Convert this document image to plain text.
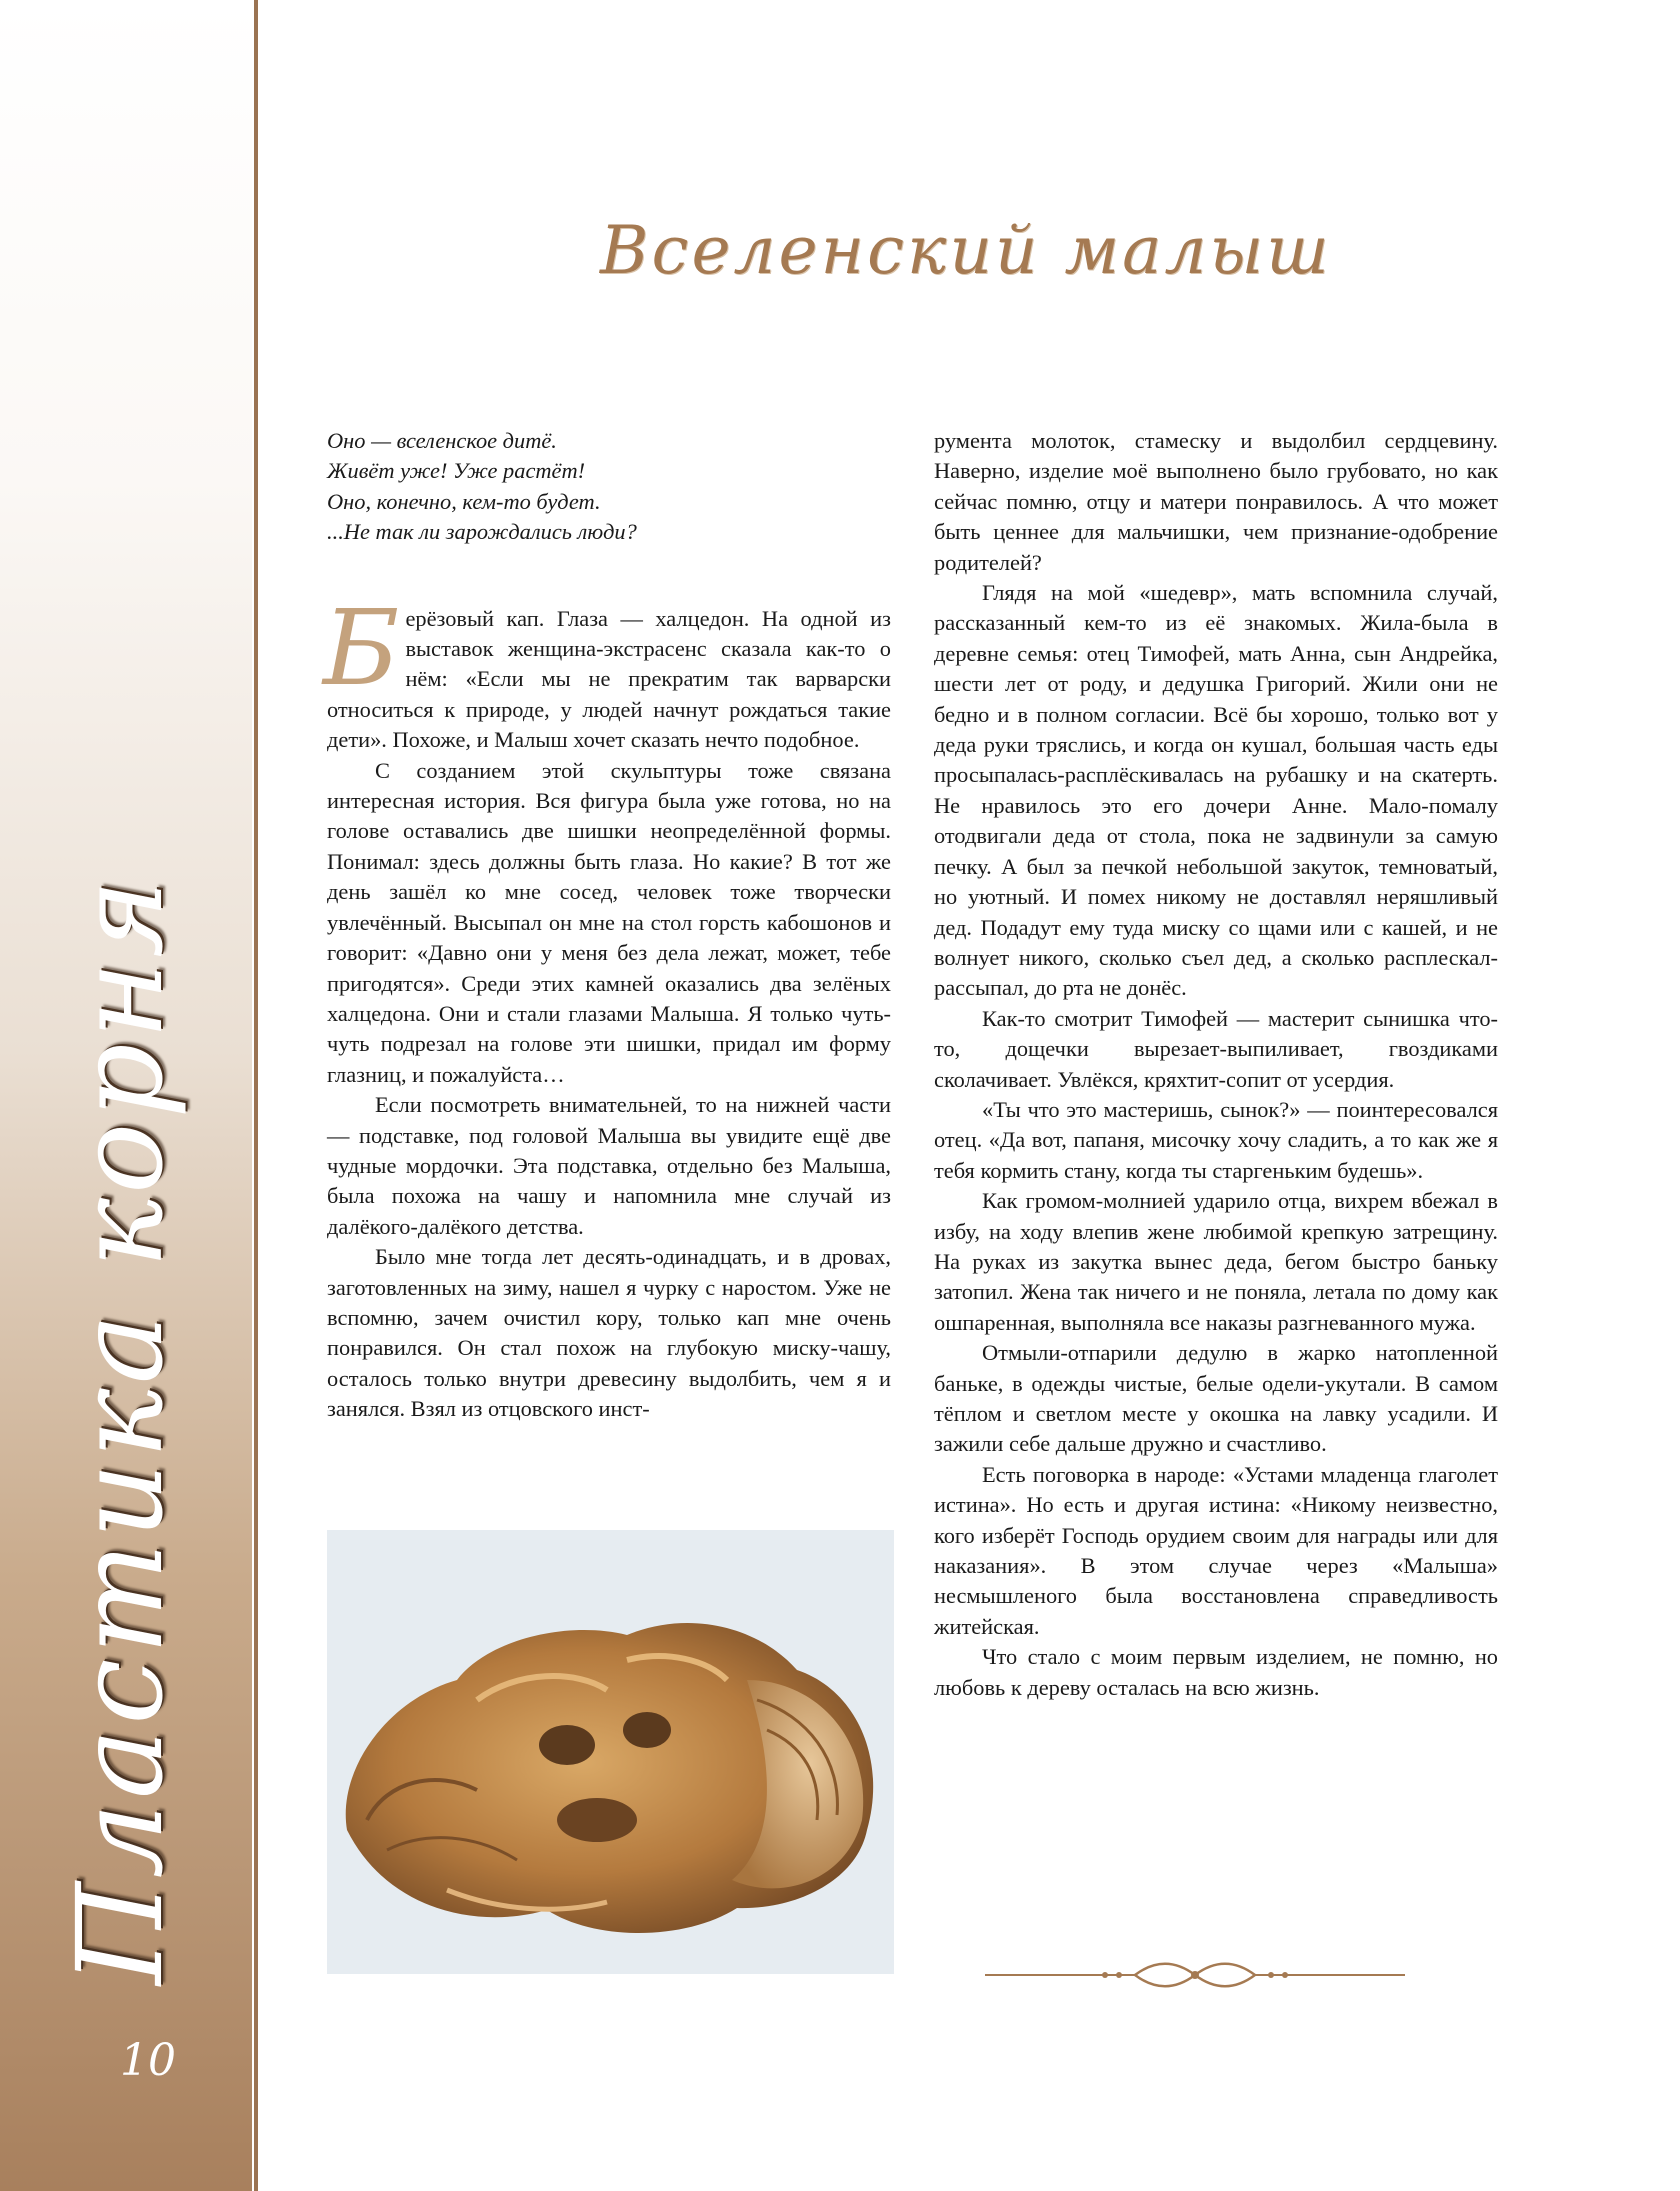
Пластика корня
10
Вселенский малыш
Оно — вселенское дитё.
Живёт уже! Уже растёт!
Оно, конечно, кем-то будет.
...Не так ли зарождались люди?

Берёзовый кап. Глаза — халцедон. На одной из выставок женщина-экстрасенс сказала как-то о нём: «Если мы не прекратим так варварски относиться к природе, у людей начнут рождаться такие дети». Похоже, и Малыш хочет сказать нечто подобное.

С созданием этой скульптуры тоже связана интересная история. Вся фигура была уже готова, но на голове оставались две шишки неопределённой формы. Понимал: здесь должны быть глаза. Но какие? В тот же день зашёл ко мне сосед, человек тоже творчески увлечённый. Высыпал он мне на стол горсть кабошонов и говорит: «Давно они у меня без дела лежат, может, тебе пригодятся». Среди этих камней оказались два зелёных халцедона. Они и стали глазами Малыша. Я только чуть-чуть подрезал на голове эти шишки, придал им форму глазниц, и пожалуйста…

Если посмотреть внимательней, то на нижней части — подставке, под головой Малыша вы увидите ещё две чудные мордочки. Эта подставка, отдельно без Малыша, была похожа на чашу и напомнила мне случай из далёкого-далёкого детства.

Было мне тогда лет десять-одинадцать, и в дровах, заготовленных на зиму, нашел я чурку с наростом. Уже не вспомню, зачем очистил кору, только кап мне очень понравился. Он стал похож на глубокую миску-чашу, осталось только внутри древесину выдолбить, чем я и занялся. Взял из отцовского инст-

румента молоток, стамеску и выдолбил сердцевину. Наверно, изделие моё выполнено было грубовато, но как сейчас помню, отцу и матери понравилось. А что может быть ценнее для мальчишки, чем признание-одобрение родителей?

Глядя на мой «шедевр», мать вспомнила случай, рассказанный кем-то из её знакомых. Жила-была в деревне семья: отец Тимофей, мать Анна, сын Андрейка, шести лет от роду, и дедушка Григорий. Жили они не бедно и в полном согласии. Всё бы хорошо, только вот у деда руки тряслись, и когда он кушал, большая часть еды просыпалась-расплёскивалась на рубашку и на скатерть. Не нравилось это его дочери Анне. Мало-помалу отодвигали деда от стола, пока не задвинули за самую печку. А был за печкой небольшой закуток, темноватый, но уютный. И помех никому не доставлял неряшливый дед. Подадут ему туда миску со щами или с кашей, и не волнует никого, сколько съел дед, а сколько расплескал-рассыпал, до рта не донёс.

Как-то смотрит Тимофей — мастерит сынишка что-то, дощечки вырезает-выпиливает, гвоздиками сколачивает. Увлёкся, кряхтит-сопит от усердия.

«Ты что это мастеришь, сынок?» — поинтересовался отец. «Да вот, папаня, мисочку хочу сладить, а то как же я тебя кормить стану, когда ты старгеньким будешь».

Как громом-молнией ударило отца, вихрем вбежал в избу, на ходу влепив жене любимой крепкую затрещину. На руках из закутка вынес деда, бегом быстро баньку затопил. Жена так ничего и не поняла, летала по дому как ошпаренная, выполняла все наказы разгневанного мужа.

Отмыли-отпарили дедулю в жарко натопленной баньке, в одежды чистые, белые одели-укутали. В самом тёплом и светлом месте у окошка на лавку усадили. И зажили себе дальше дружно и счастливо.

Есть поговорка в народе: «Устами младенца глаголет истина». Но есть и другая истина: «Никому неизвестно, кого изберёт Господь орудием своим для награды или для наказания». В этом случае через «Малыша» несмышленого была восстановлена справедливость житейская.

Что стало с моим первым изделием, не помню, но любовь к дереву осталась на всю жизнь.
